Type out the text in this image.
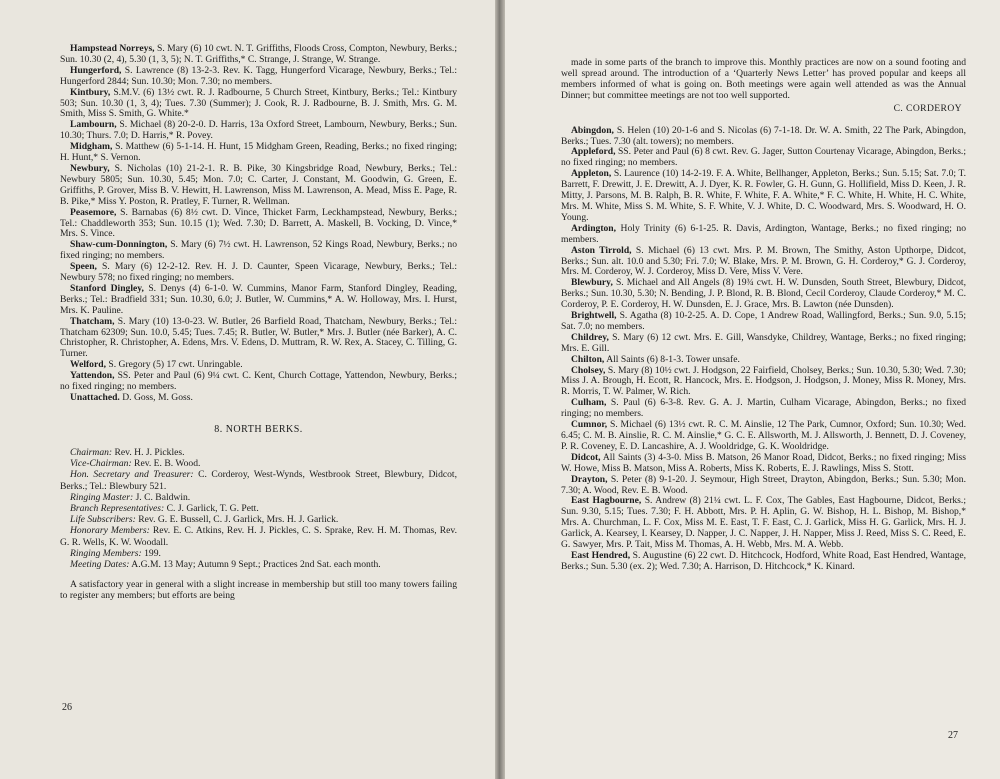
Hampstead Norreys, S. Mary (6) 10 cwt. N. T. Griffiths, Floods Cross, Compton, Newbury, Berks.; Sun. 10.30 (2, 4), 5.30 (1, 3, 5); N. T. Griffiths,* C. Strange, J. Strange, W. Strange.

Hungerford, S. Lawrence (8) 13-2-3. Rev. K. Tagg, Hungerford Vicarage, Newbury, Berks.; Tel.: Hungerford 2844; Sun. 10.30; Mon. 7.30; no members.

Kintbury, S.M.V. (6) 13½ cwt. R. J. Radbourne, 5 Church Street, Kintbury, Berks.; Tel.: Kintbury 503; Sun. 10.30 (1, 3, 4); Tues. 7.30 (Summer); J. Cook, R. J. Radbourne, B. J. Smith, Mrs. G. M. Smith, Miss S. Smith, G. White.*

Lambourn, S. Michael (8) 20-2-0. D. Harris, 13a Oxford Street, Lambourn, Newbury, Berks.; Sun. 10.30; Thurs. 7.0; D. Harris,* R. Povey.

Midgham, S. Matthew (6) 5-1-14. H. Hunt, 15 Midgham Green, Reading, Berks.; no fixed ringing; H. Hunt,* S. Vernon.

Newbury, S. Nicholas (10) 21-2-1. R. B. Pike, 30 Kingsbridge Road, Newbury, Berks.; Tel.: Newbury 5805; Sun. 10.30, 5.45; Mon. 7.0; C. Carter, J. Constant, M. Goodwin, G. Green, E. Griffiths, P. Grover, Miss B. V. Hewitt, H. Lawrenson, Miss M. Lawrenson, A. Mead, Miss E. Page, R. B. Pike,* Miss Y. Poston, R. Pratley, F. Turner, R. Wellman.

Peasemore, S. Barnabas (6) 8½ cwt. D. Vince, Thicket Farm, Leckhampstead, Newbury, Berks.; Tel.: Chaddleworth 353; Sun. 10.15 (1); Wed. 7.30; D. Barrett, A. Maskell, B. Vocking, D. Vince,* Mrs. S. Vince.

Shaw-cum-Donnington, S. Mary (6) 7½ cwt. H. Lawrenson, 52 Kings Road, Newbury, Berks.; no fixed ringing; no members.

Speen, S. Mary (6) 12-2-12. Rev. H. J. D. Caunter, Speen Vicarage, Newbury, Berks.; Tel.: Newbury 578; no fixed ringing; no members.

Stanford Dingley, S. Denys (4) 6-1-0. W. Cummins, Manor Farm, Stanford Dingley, Reading, Berks.; Tel.: Bradfield 331; Sun. 10.30, 6.0; J. Butler, W. Cummins,* A. W. Holloway, Mrs. I. Hurst, Mrs. K. Pauline.

Thatcham, S. Mary (10) 13-0-23. W. Butler, 26 Barfield Road, Thatcham, Newbury, Berks.; Tel.: Thatcham 62309; Sun. 10.0, 5.45; Tues. 7.45; R. Butler, W. Butler,* Mrs. J. Butler (née Barker), A. C. Christopher, R. Christopher, A. Edens, Mrs. V. Edens, D. Muttram, R. W. Rex, A. Stacey, C. Tilling, G. Turner.

Welford, S. Gregory (5) 17 cwt. Unringable.

Yattendon, SS. Peter and Paul (6) 9¼ cwt. C. Kent, Church Cottage, Yattendon, Newbury, Berks.; no fixed ringing; no members.

Unattached. D. Goss, M. Goss.

8. NORTH BERKS.

Chairman: Rev. H. J. Pickles.

Vice-Chairman: Rev. E. B. Wood.

Hon. Secretary and Treasurer: C. Corderoy, West-Wynds, Westbrook Street, Blewbury, Didcot, Berks.; Tel.: Blewbury 521.

Ringing Master: J. C. Baldwin.

Branch Representatives: C. J. Garlick, T. G. Pett.

Life Subscribers: Rev. G. E. Bussell, C. J. Garlick, Mrs. H. J. Garlick.

Honorary Members: Rev. E. C. Atkins, Rev. H. J. Pickles, C. S. Sprake, Rev. H. M. Thomas, Rev. G. R. Wells, K. W. Woodall.

Ringing Members: 199.

Meeting Dates: A.G.M. 13 May; Autumn 9 Sept.; Practices 2nd Sat. each month.

A satisfactory year in general with a slight increase in membership but still too many towers failing to register any members; but efforts are being

26

made in some parts of the branch to improve this. Monthly practices are now on a sound footing and well spread around. The introduction of a ‘Quarterly News Letter’ has proved popular and keeps all members informed of what is going on. Both meetings were again well attended as was the Annual Dinner; but committee meetings are not too well supported.

C. CORDEROY

Abingdon, S. Helen (10) 20-1-6 and S. Nicolas (6) 7-1-18. Dr. W. A. Smith, 22 The Park, Abingdon, Berks.; Tues. 7.30 (alt. towers); no members.

Appleford, SS. Peter and Paul (6) 8 cwt. Rev. G. Jager, Sutton Courtenay Vicarage, Abingdon, Berks.; no fixed ringing; no members.

Appleton, S. Laurence (10) 14-2-19. F. A. White, Bellhanger, Appleton, Berks.; Sun. 5.15; Sat. 7.0; T. Barrett, F. Drewitt, J. E. Drewitt, A. J. Dyer, K. R. Fowler, G. H. Gunn, G. Hollifield, Miss D. Keen, J. R. Mitty, J. Parsons, M. B. Ralph, B. R. White, F. White, F. A. White,* F. C. White, H. White, H. C. White, Mrs. M. White, Miss S. M. White, S. F. White, V. J. White, D. C. Woodward, Mrs. S. Woodward, H. O. Young.

Ardington, Holy Trinity (6) 6-1-25. R. Davis, Ardington, Wantage, Berks.; no fixed ringing; no members.

Aston Tirrold, S. Michael (6) 13 cwt. Mrs. P. M. Brown, The Smithy, Aston Upthorpe, Didcot, Berks.; Sun. alt. 10.0 and 5.30; Fri. 7.0; W. Blake, Mrs. P. M. Brown, G. H. Corderoy,* G. J. Corderoy, Mrs. M. Corderoy, W. J. Corderoy, Miss D. Vere, Miss V. Vere.

Blewbury, S. Michael and All Angels (8) 19¾ cwt. H. W. Dunsden, South Street, Blewbury, Didcot, Berks.; Sun. 10.30, 5.30; N. Bending, J. P. Blond, R. B. Blond, Cecil Corderoy, Claude Corderoy,* M. C. Corderoy, P. E. Corderoy, H. W. Dunsden, E. J. Grace, Mrs. B. Lawton (née Dunsden).

Brightwell, S. Agatha (8) 10-2-25. A. D. Cope, 1 Andrew Road, Wallingford, Berks.; Sun. 9.0, 5.15; Sat. 7.0; no members.

Childrey, S. Mary (6) 12 cwt. Mrs. E. Gill, Wansdyke, Childrey, Wantage, Berks.; no fixed ringing; Mrs. E. Gill.

Chilton, All Saints (6) 8-1-3. Tower unsafe.

Cholsey, S. Mary (8) 10½ cwt. J. Hodgson, 22 Fairfield, Cholsey, Berks.; Sun. 10.30, 5.30; Wed. 7.30; Miss J. A. Brough, H. Ecott, R. Hancock, Mrs. E. Hodgson, J. Hodgson, J. Money, Miss R. Money, Mrs. R. Morris, T. W. Palmer, W. Rich.

Culham, S. Paul (6) 6-3-8. Rev. G. A. J. Martin, Culham Vicarage, Abingdon, Berks.; no fixed ringing; no members.

Cumnor, S. Michael (6) 13½ cwt. R. C. M. Ainslie, 12 The Park, Cumnor, Oxford; Sun. 10.30; Wed. 6.45; C. M. B. Ainslie, R. C. M. Ainslie,* G. C. E. Allsworth, M. J. Allsworth, J. Bennett, D. J. Coveney, P. R. Coveney, E. D. Lancashire, A. J. Wooldridge, G. K. Wooldridge.

Didcot, All Saints (3) 4-3-0. Miss B. Matson, 26 Manor Road, Didcot, Berks.; no fixed ringing; Miss W. Howe, Miss B. Matson, Miss A. Roberts, Miss K. Roberts, E. J. Rawlings, Miss S. Stott.

Drayton, S. Peter (8) 9-1-20. J. Seymour, High Street, Drayton, Abingdon, Berks.; Sun. 5.30; Mon. 7.30; A. Wood, Rev. E. B. Wood.

East Hagbourne, S. Andrew (8) 21¼ cwt. L. F. Cox, The Gables, East Hagbourne, Didcot, Berks.; Sun. 9.30, 5.15; Tues. 7.30; F. H. Abbott, Mrs. P. H. Aplin, G. W. Bishop, H. L. Bishop, M. Bishop,* Mrs. A. Churchman, L. F. Cox, Miss M. E. East, T. F. East, C. J. Garlick, Miss H. G. Garlick, Mrs. H. J. Garlick, A. Kearsey, I. Kearsey, D. Napper, J. C. Napper, J. H. Napper, Miss J. Reed, Miss S. C. Reed, E. G. Sawyer, Mrs. P. Tait, Miss M. Thomas, A. H. Webb, Mrs. M. A. Webb.

East Hendred, S. Augustine (6) 22 cwt. D. Hitchcock, Hodford, White Road, East Hendred, Wantage, Berks.; Sun. 5.30 (ex. 2); Wed. 7.30; A. Harrison, D. Hitchcock,* K. Kinard.

27
